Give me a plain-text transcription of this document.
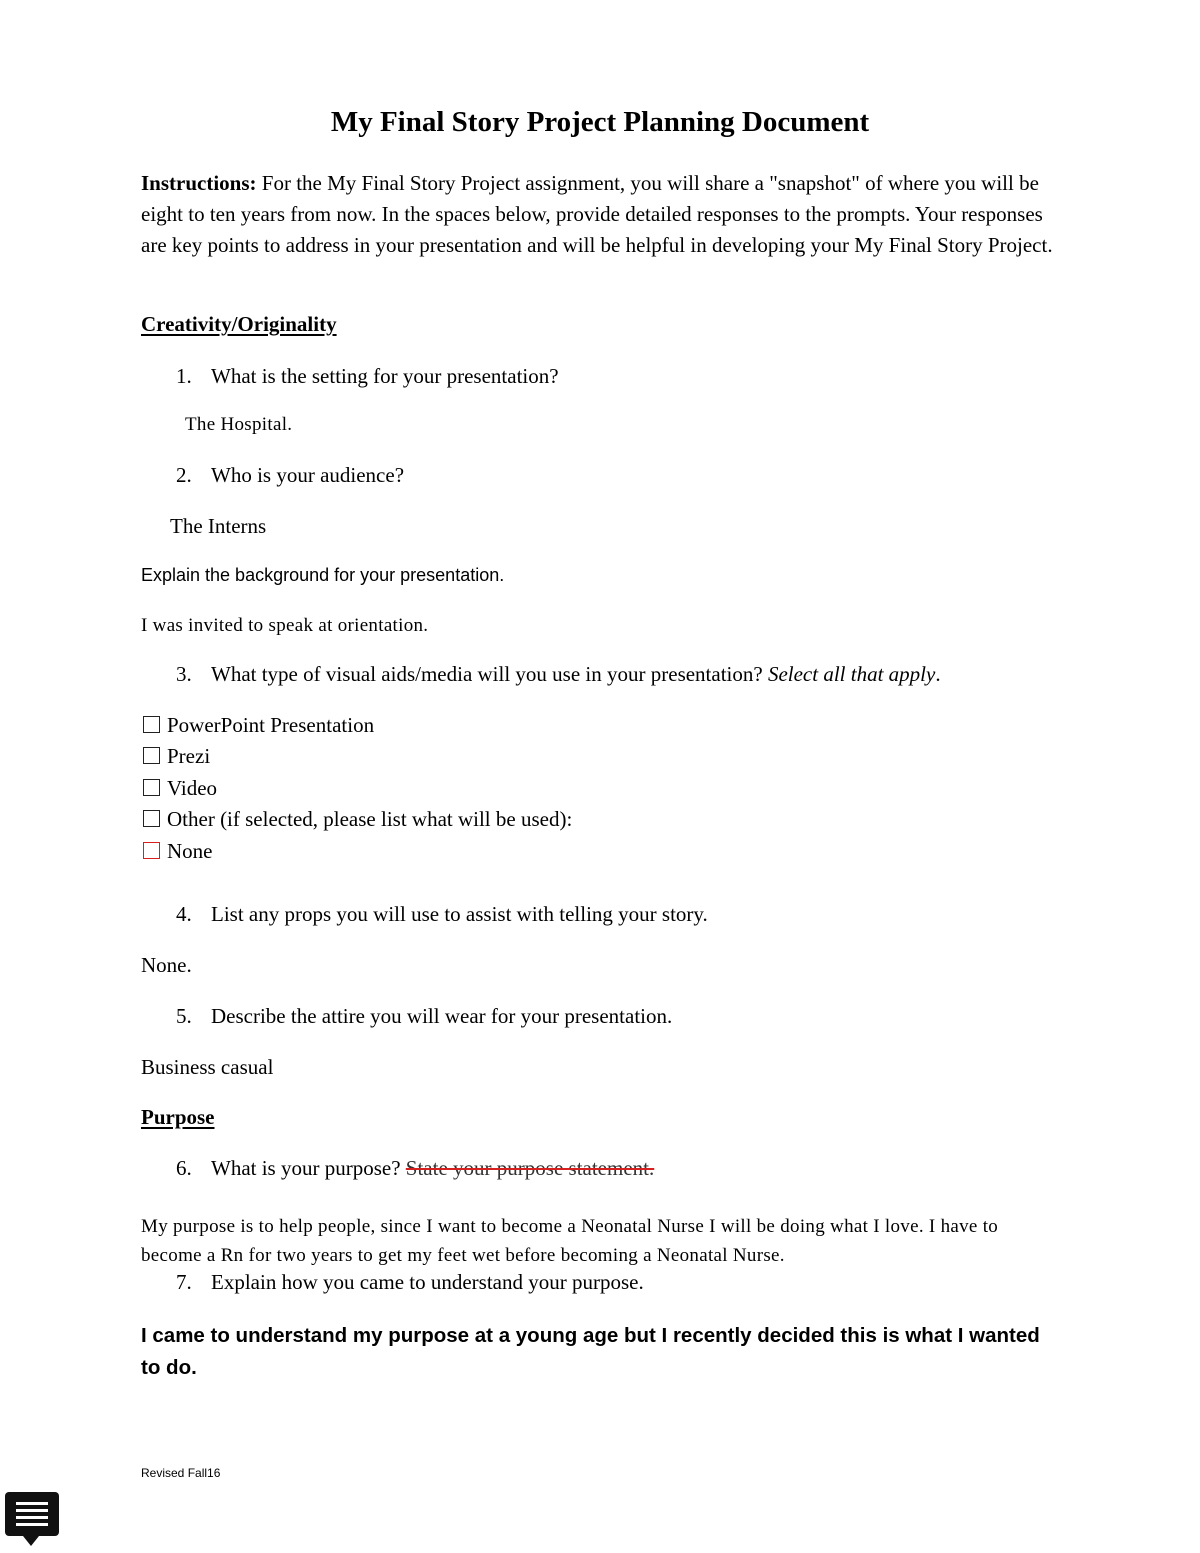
My Final Story Project Planning Document
Instructions: For the My Final Story Project assignment, you will share a "snapshot" of where you will be eight to ten years from now. In the spaces below, provide detailed responses to the prompts. Your responses are key points to address in your presentation and will be helpful in developing your My Final Story Project.
Creativity/Originality
1. What is the setting for your presentation?
The Hospital.
2. Who is your audience?
The Interns
Explain the background for your presentation.
I was invited to speak at orientation.
3. What type of visual aids/media will you use in your presentation? Select all that apply.
PowerPoint Presentation
Prezi
Video
Other (if selected, please list what will be used):
None
4. List any props you will use to assist with telling your story.
None.
5. Describe the attire you will wear for your presentation.
Business casual
Purpose
6. What is your purpose? State your purpose statement.
My purpose is to help people, since I want to become a Neonatal Nurse I will be doing what I love. I have to become a Rn for two years to get my feet wet before becoming a Neonatal Nurse.
7. Explain how you came to understand your purpose.
I came to understand my purpose at a young age but I recently decided this is what I wanted to do.
Revised Fall16
